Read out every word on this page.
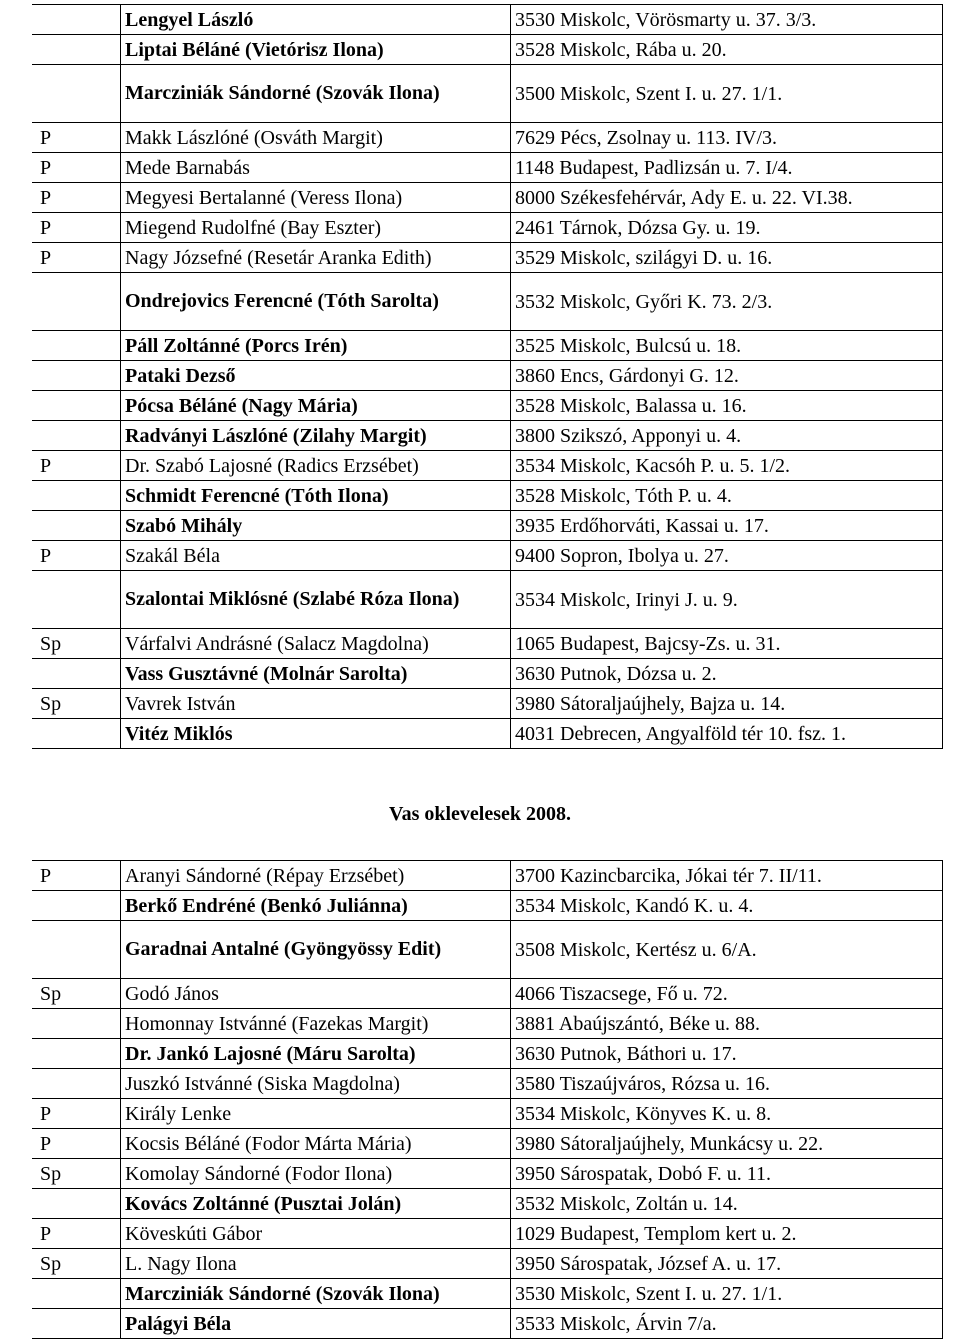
	Lengyel László	3530 Miskolc, Vörösmarty u. 37. 3/3.
	Liptai Béláné (Vietórisz Ilona)	3528 Miskolc, Rába u. 20.
	Marcziniák Sándorné (Szovák Ilona)	3500 Miskolc, Szent I. u. 27. 1/1.
P	Makk Lászlóné (Osváth Margit)	7629 Pécs, Zsolnay u. 113. IV/3.
P	Mede Barnabás	1148 Budapest, Padlizsán u. 7. I/4.
P	Megyesi Bertalanné (Veress Ilona)	8000 Székesfehérvár, Ady E. u. 22. VI.38.
P	Miegend Rudolfné (Bay Eszter)	2461 Tárnok, Dózsa Gy. u. 19.
P	Nagy Józsefné (Resetár Aranka Edith)	3529 Miskolc, szilágyi D. u. 16.
	Ondrejovics Ferencné (Tóth Sarolta)	3532 Miskolc, Győri K. 73. 2/3.
	Páll Zoltánné (Porcs Irén)	3525 Miskolc, Bulcsú u. 18.
	Pataki Dezső	3860 Encs, Gárdonyi G. 12.
	Pócsa Béláné (Nagy Mária)	3528 Miskolc, Balassa u. 16.
	Radványi Lászlóné (Zilahy Margit)	3800 Szikszó, Apponyi u. 4.
P	Dr. Szabó Lajosné (Radics Erzsébet)	3534 Miskolc, Kacsóh P. u. 5. 1/2.
	Schmidt Ferencné (Tóth Ilona)	3528 Miskolc, Tóth P. u. 4.
	Szabó Mihály	3935 Erdőhorváti, Kassai u. 17.
P	Szakál Béla	9400 Sopron, Ibolya u. 27.
	Szalontai Miklósné (Szlabé Róza Ilona)	3534 Miskolc, Irinyi J. u. 9.
Sp	Várfalvi Andrásné (Salacz Magdolna)	1065 Budapest, Bajcsy-Zs. u. 31.
	Vass Gusztávné (Molnár Sarolta)	3630 Putnok, Dózsa u. 2.
Sp	Vavrek István	3980 Sátoraljaújhely, Bajza u. 14.
	Vitéz Miklós	4031 Debrecen, Angyalföld tér 10. fsz. 1.
Vas oklevelesek 2008.
P	Aranyi Sándorné (Répay Erzsébet)	3700 Kazincbarcika, Jókai tér 7. II/11.
	Berkő Endréné (Benkó Juliánna)	3534 Miskolc, Kandó K. u. 4.
	Garadnai Antalné (Gyöngyössy Edit)	3508 Miskolc, Kertész u. 6/A.
Sp	Godó János	4066 Tiszacsege, Fő u. 72.
	Homonnay Istvánné (Fazekas Margit)	3881 Abaújszántó, Béke u. 88.
	Dr. Jankó Lajosné (Máru Sarolta)	3630 Putnok, Báthori u. 17.
	Juszkó Istvánné (Siska Magdolna)	3580 Tiszaújváros, Rózsa u. 16.
P	Király Lenke	3534 Miskolc, Könyves K. u. 8.
P	Kocsis Béláné (Fodor Márta Mária)	3980 Sátoraljaújhely, Munkácsy u. 22.
Sp	Komolay Sándorné (Fodor Ilona)	3950 Sárospatak, Dobó F. u. 11.
	Kovács Zoltánné (Pusztai Jolán)	3532 Miskolc, Zoltán u. 14.
P	Köveskúti Gábor	1029 Budapest, Templom kert u. 2.
Sp	L. Nagy Ilona	3950 Sárospatak, József A. u. 17.
	Marcziniák Sándorné (Szovák Ilona)	3530 Miskolc, Szent I. u. 27. 1/1.
	Palágyi Béla	3533 Miskolc, Árvin 7/a.
